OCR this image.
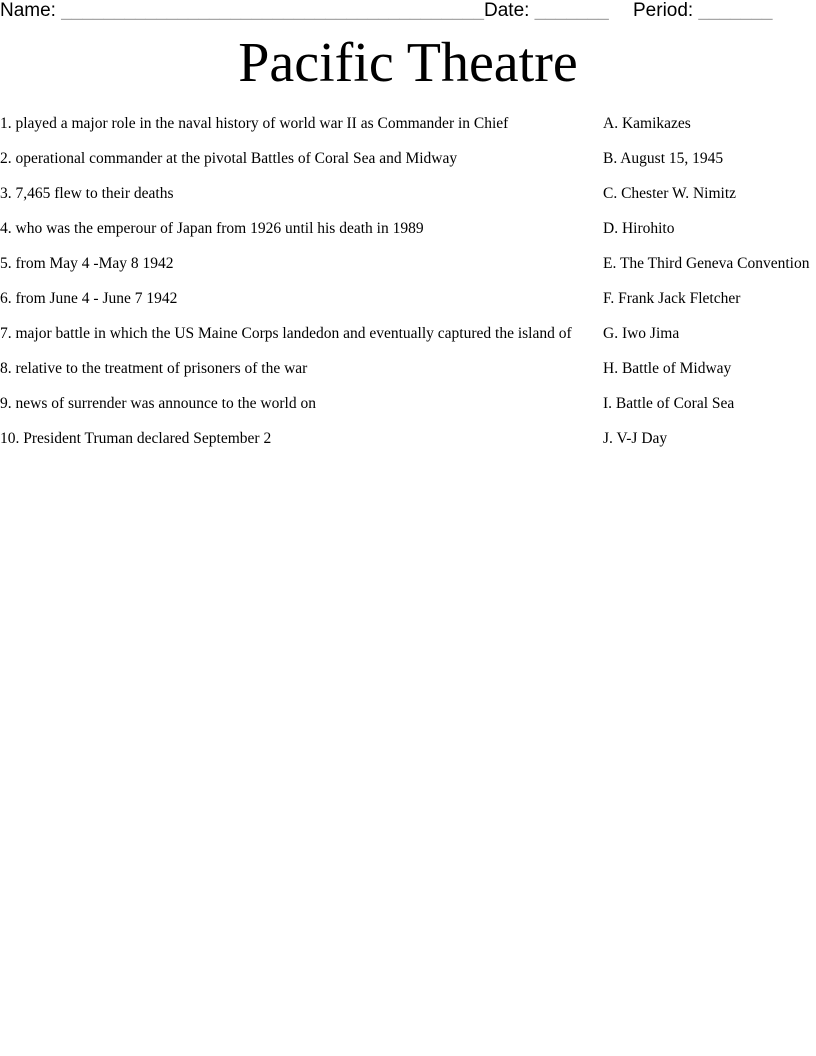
Name: ________________________________________ Date: _______ Period: _______
Pacific Theatre
1. played a major role in the naval history of world war II as Commander in Chief	A. Kamikazes
2. operational commander at the pivotal Battles of Coral Sea and Midway	B. August 15, 1945
3. 7,465 flew to their deaths	C. Chester W. Nimitz
4. who was the emperour of Japan from 1926 until his death in 1989	D. Hirohito
5. from May 4 -May 8 1942	E. The Third Geneva Convention
6. from June 4 - June 7 1942	F. Frank Jack Fletcher
7. major battle in which the US Maine Corps landedon and eventually captured the island of	G. Iwo Jima
8. relative to the treatment of prisoners of the war	H. Battle of Midway
9. news of surrender was announce to the world on	I. Battle of Coral Sea
10. President Truman declared September 2	J. V-J Day
